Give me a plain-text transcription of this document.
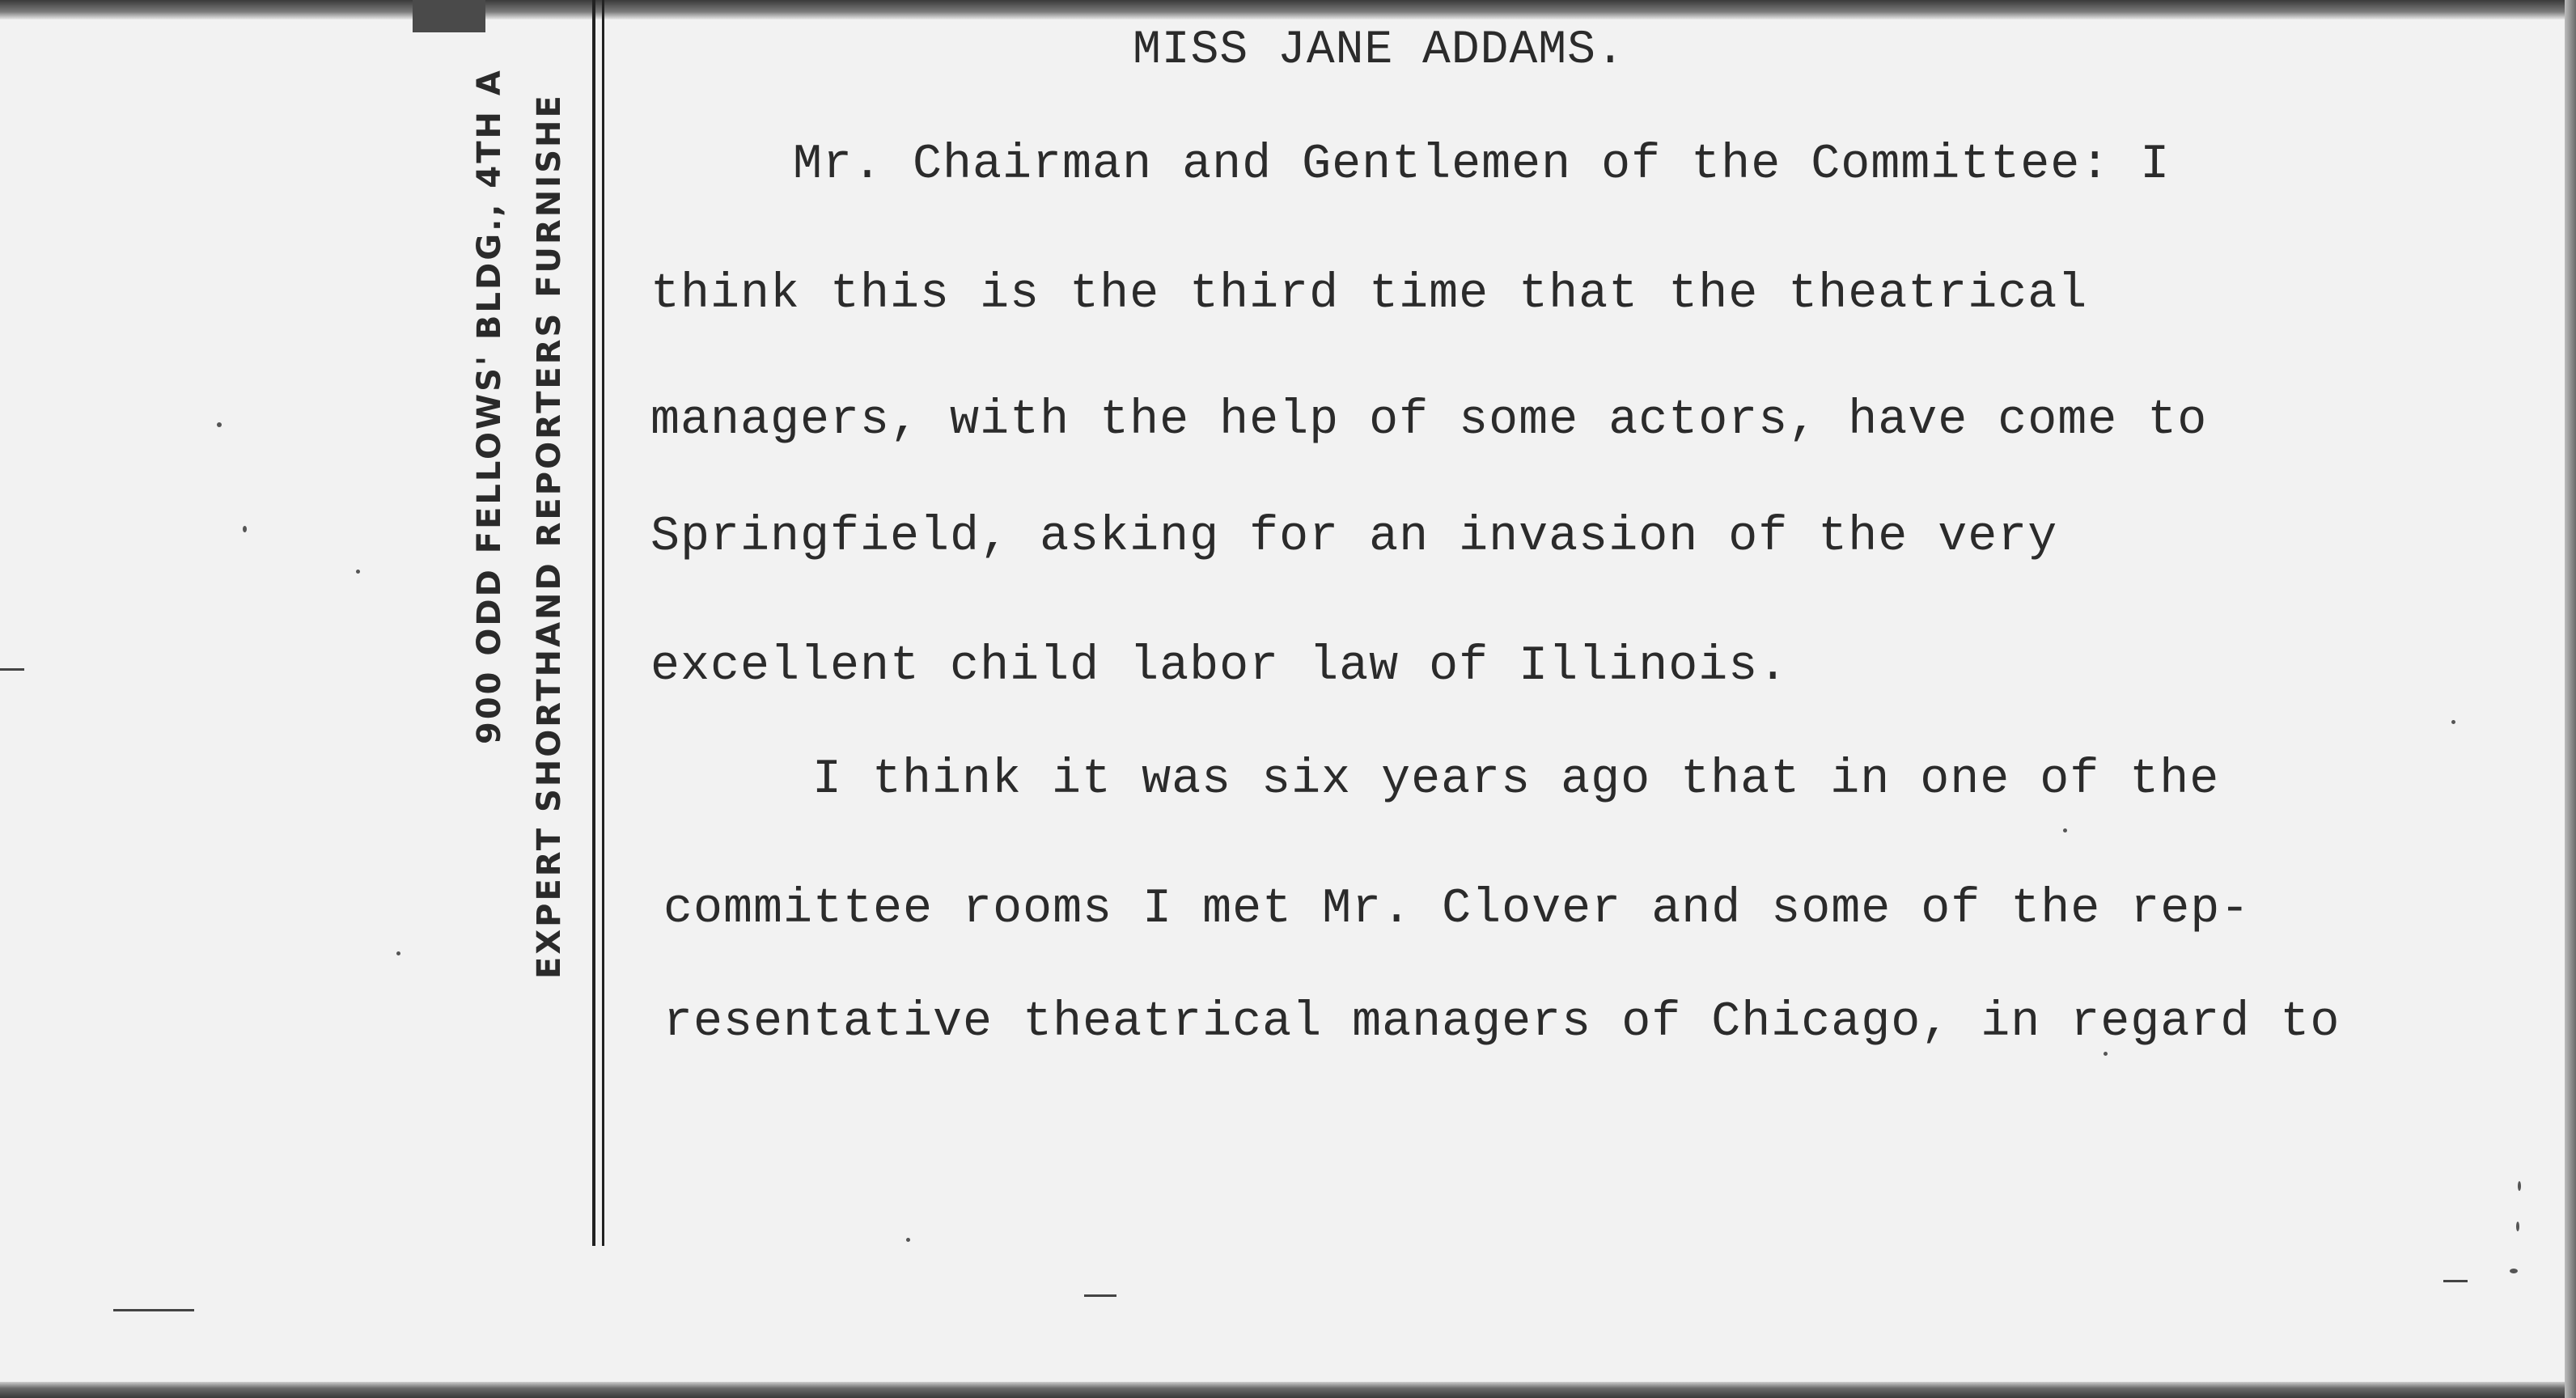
900 ODD FELLOWS' BLDG., 4TH A EXPERT SHORTHAND REPORTERS FURNISHE
MISS JANE ADDAMS.
Mr. Chairman and Gentlemen of the Committee: I
think this is the third time that the theatrical
managers, with the help of some actors, have come to
Springfield, asking for an invasion of the very
excellent child labor law of Illinois.
I think it was six years ago that in one of the
committee rooms I met Mr. Clover and some of the rep-
resentative theatrical managers of Chicago, in regard to
